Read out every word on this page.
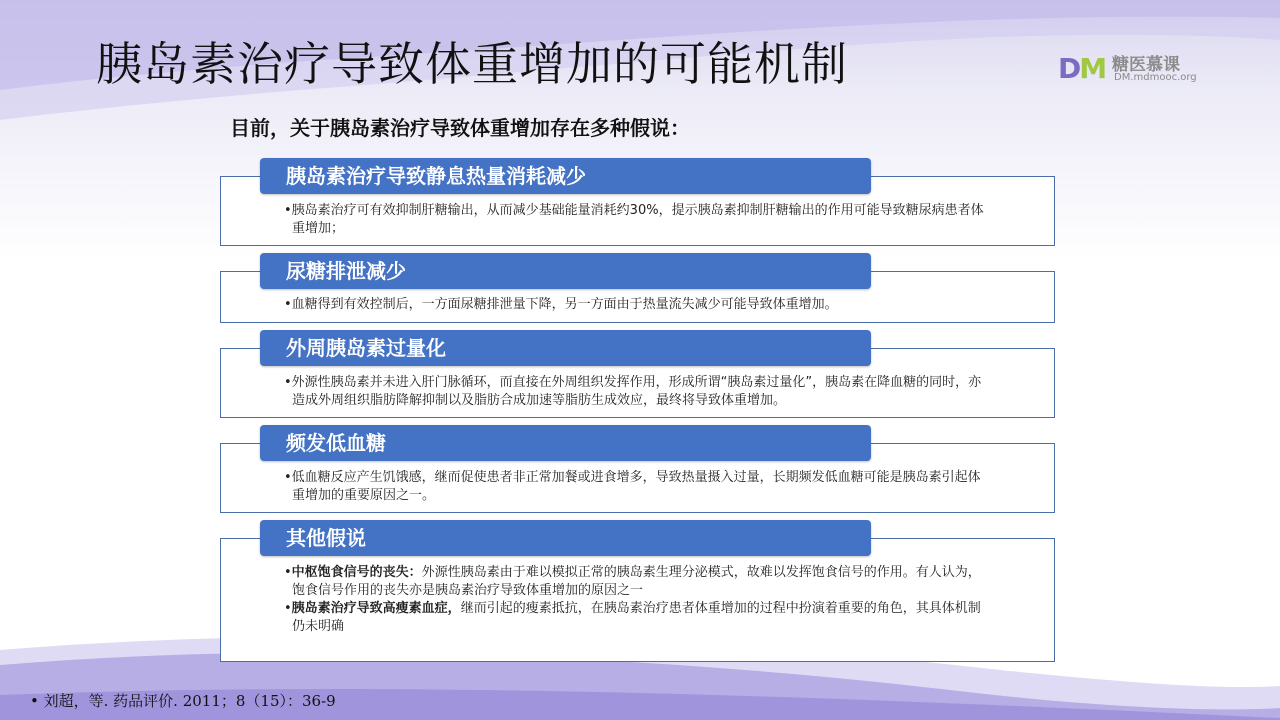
胰岛素治疗导致体重增加的可能机制	DM 糖医慕课
DM.mdmooc.org
目前，关于胰岛素治疗导致体重增加存在多种假说：
胰岛素治疗导致静息热量消耗减少
•胰岛素治疗可有效抑制肝糖输出，从而减少基础能量消耗约30%，提示胰岛素抑制肝糖输出的作用可能导致糖尿病患者体重增加；
尿糖排泄减少
•血糖得到有效控制后，一方面尿糖排泄量下降，另一方面由于热量流失减少可能导致体重增加。
外周胰岛素过量化
•外源性胰岛素并未进入肝门脉循环，而直接在外周组织发挥作用，形成所谓“胰岛素过量化”，胰岛素在降血糖的同时，亦造成外周组织脂肪降解抑制以及脂肪合成加速等脂肪生成效应，最终将导致体重增加。
频发低血糖
•低血糖反应产生饥饿感，继而促使患者非正常加餐或进食增多，导致热量摄入过量，长期频发低血糖可能是胰岛素引起体重增加的重要原因之一。
其他假说
•中枢饱食信号的丧失：外源性胰岛素由于难以模拟正常的胰岛素生理分泌模式，故难以发挥饱食信号的作用。有人认为，饱食信号作用的丧失亦是胰岛素治疗导致体重增加的原因之一
•胰岛素治疗导致高瘦素血症，继而引起的瘦素抵抗，在胰岛素治疗患者体重增加的过程中扮演着重要的角色，其具体机制仍未明确
• 刘超，等. 药品评价. 2011；8（15）：36-9
